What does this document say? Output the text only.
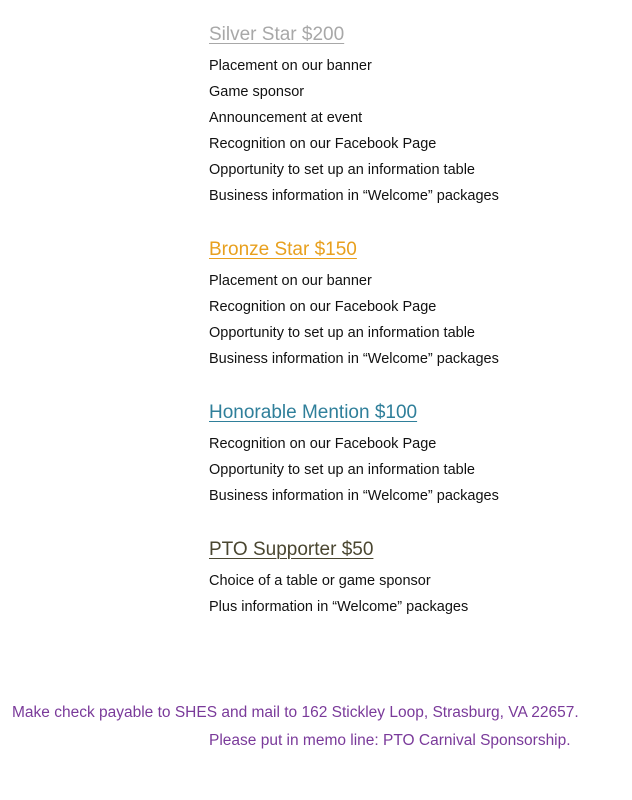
Silver Star $200
Placement on our banner
Game sponsor
Announcement at event
Recognition on our Facebook Page
Opportunity to set up an information table
Business information in “Welcome” packages
Bronze Star $150
Placement on our banner
Recognition on our Facebook Page
Opportunity to set up an information table
Business information in “Welcome” packages
Honorable Mention $100
Recognition on our Facebook Page
Opportunity to set up an information table
Business information in “Welcome” packages
PTO Supporter $50
Choice of a table or game sponsor
Plus information in “Welcome” packages
Make check payable to SHES and mail to 162 Stickley Loop, Strasburg, VA 22657.
Please put in memo line: PTO Carnival Sponsorship.
